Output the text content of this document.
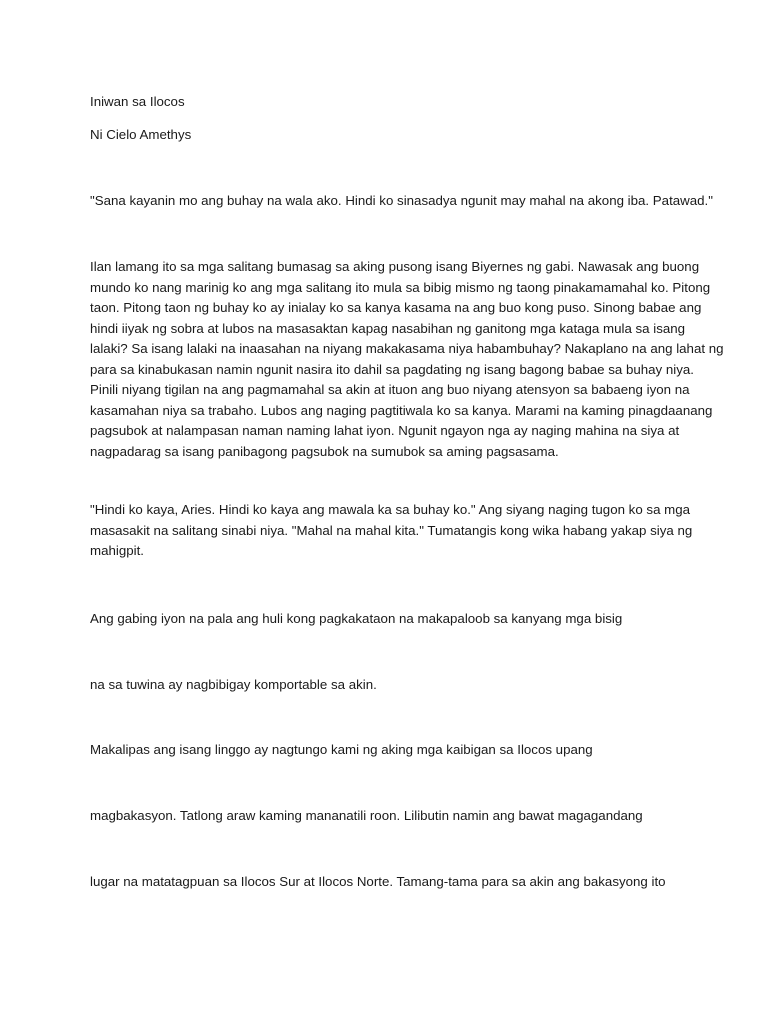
Iniwan sa Ilocos

Ni Cielo Amethys

"Sana kayanin mo ang buhay na wala ako. Hindi ko sinasadya ngunit may mahal na akong iba. Patawad."

Ilan lamang ito sa mga salitang bumasag sa aking pusong isang Biyernes ng gabi. Nawasak ang buong
mundo ko nang marinig ko ang mga salitang ito mula sa bibig mismo ng taong pinakamamahal ko. Pitong
taon. Pitong taon ng buhay ko ay inialay ko sa kanya kasama na ang buo kong puso. Sinong babae ang
hindi iiyak ng sobra at lubos na masasaktan kapag nasabihan ng ganitong mga kataga mula sa isang
lalaki? Sa isang lalaki na inaasahan na niyang makakasama niya habambuhay? Nakaplano na ang lahat ng
para sa kinabukasan namin ngunit nasira ito dahil sa pagdating ng isang bagong babae sa buhay niya.
Pinili niyang tigilan na ang pagmamahal sa akin at ituon ang buo niyang atensyon sa babaeng iyon na
kasamahan niya sa trabaho. Lubos ang naging pagtitiwala ko sa kanya. Marami na kaming pinagdaanang
pagsubok at nalampasan naman naming lahat iyon. Ngunit ngayon nga ay naging mahina na siya at
nagpadarag sa isang panibagong pagsubok na sumubok sa aming pagsasama.
"Hindi ko kaya, Aries. Hindi ko kaya ang mawala ka sa buhay ko." Ang siyang naging tugon ko sa mga
masasakit na salitang sinabi niya. "Mahal na mahal kita." Tumatangis kong wika habang yakap siya ng
mahigpit.

Ang gabing iyon na pala ang huli kong pagkakataon na makapaloob sa kanyang mga bisig

na sa tuwina ay nagbibigay komportable sa akin.

Makalipas ang isang linggo ay nagtungo kami ng aking mga kaibigan sa Ilocos upang

magbakasyon. Tatlong araw kaming mananatili roon. Lilibutin namin ang bawat magagandang

lugar na matatagpuan sa Ilocos Sur at Ilocos Norte. Tamang-tama para sa akin ang bakasyong ito
